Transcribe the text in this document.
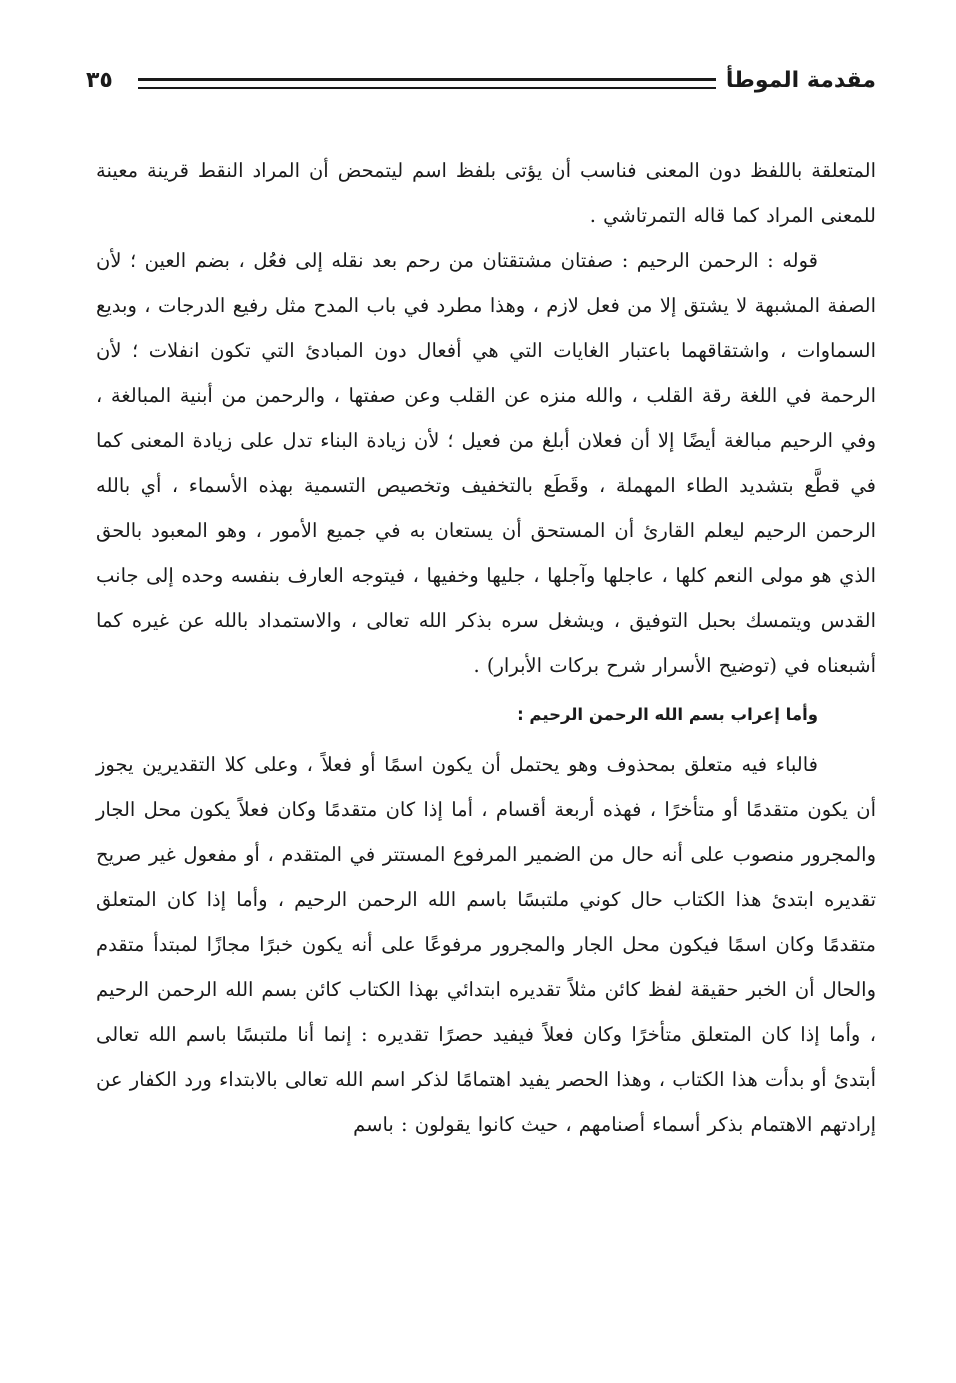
مقدمة الموطأ
٣٥

المتعلقة باللفظ دون المعنى فناسب أن يؤتى بلفظ اسم ليتمحض أن المراد النقط قرينة معينة للمعنى المراد كما قاله التمرتاشي .

قوله : الرحمن الرحيم : صفتان مشتقتان من رحم بعد نقله إلى فعُل ، بضم العين ؛ لأن الصفة المشبهة لا يشتق إلا من فعل لازم ، وهذا مطرد في باب المدح مثل رفيع الدرجات ، وبديع السماوات ، واشتقاقهما باعتبار الغايات التي هي أفعال دون المبادئ التي تكون انفلات ؛ لأن الرحمة في اللغة رقة القلب ، والله منزه عن القلب وعن صفتها ، والرحمن من أبنية المبالغة ، وفي الرحيم مبالغة أيضًا إلا أن فعلان أبلغ من فعيل ؛ لأن زيادة البناء تدل على زيادة المعنى كما في قطَّع بتشديد الطاء المهملة ، وقَطَع بالتخفيف وتخصيص التسمية بهذه الأسماء ، أي بالله الرحمن الرحيم ليعلم القارئ أن المستحق أن يستعان به في جميع الأمور ، وهو المعبود بالحق الذي هو مولى النعم كلها ، عاجلها وآجلها ، جليها وخفيها ، فيتوجه العارف بنفسه وحده إلى جانب القدس ويتمسك بحبل التوفيق ، ويشغل سره بذكر الله تعالى ، والاستمداد بالله عن غيره كما أشبعناه في (توضيح الأسرار شرح بركات الأبرار) .

وأما إعراب بسم الله الرحمن الرحيم :

فالباء فيه متعلق بمحذوف وهو يحتمل أن يكون اسمًا أو فعلاً ، وعلى كلا التقديرين يجوز أن يكون متقدمًا أو متأخرًا ، فهذه أربعة أقسام ، أما إذا كان متقدمًا وكان فعلاً يكون محل الجار والمجرور منصوب على أنه حال من الضمير المرفوع المستتر في المتقدم ، أو مفعول غير صريح تقديره ابتدئ هذا الكتاب حال كوني ملتبسًا باسم الله الرحمن الرحيم ، وأما إذا كان المتعلق متقدمًا وكان اسمًا فيكون محل الجار والمجرور مرفوعًا على أنه يكون خبرًا مجازًا لمبتدأ متقدم والحال أن الخبر حقيقة لفظ كائن مثلاً تقديره ابتدائي بهذا الكتاب كائن بسم الله الرحمن الرحيم ، وأما إذا كان المتعلق متأخرًا وكان فعلاً فيفيد حصرًا تقديره : إنما أنا ملتبسًا باسم الله تعالى أبتدئ أو بدأت هذا الكتاب ، وهذا الحصر يفيد اهتمامًا لذكر اسم الله تعالى بالابتداء ورد الكفار عن إرادتهم الاهتمام بذكر أسماء أصنامهم ، حيث كانوا يقولون : باسم
